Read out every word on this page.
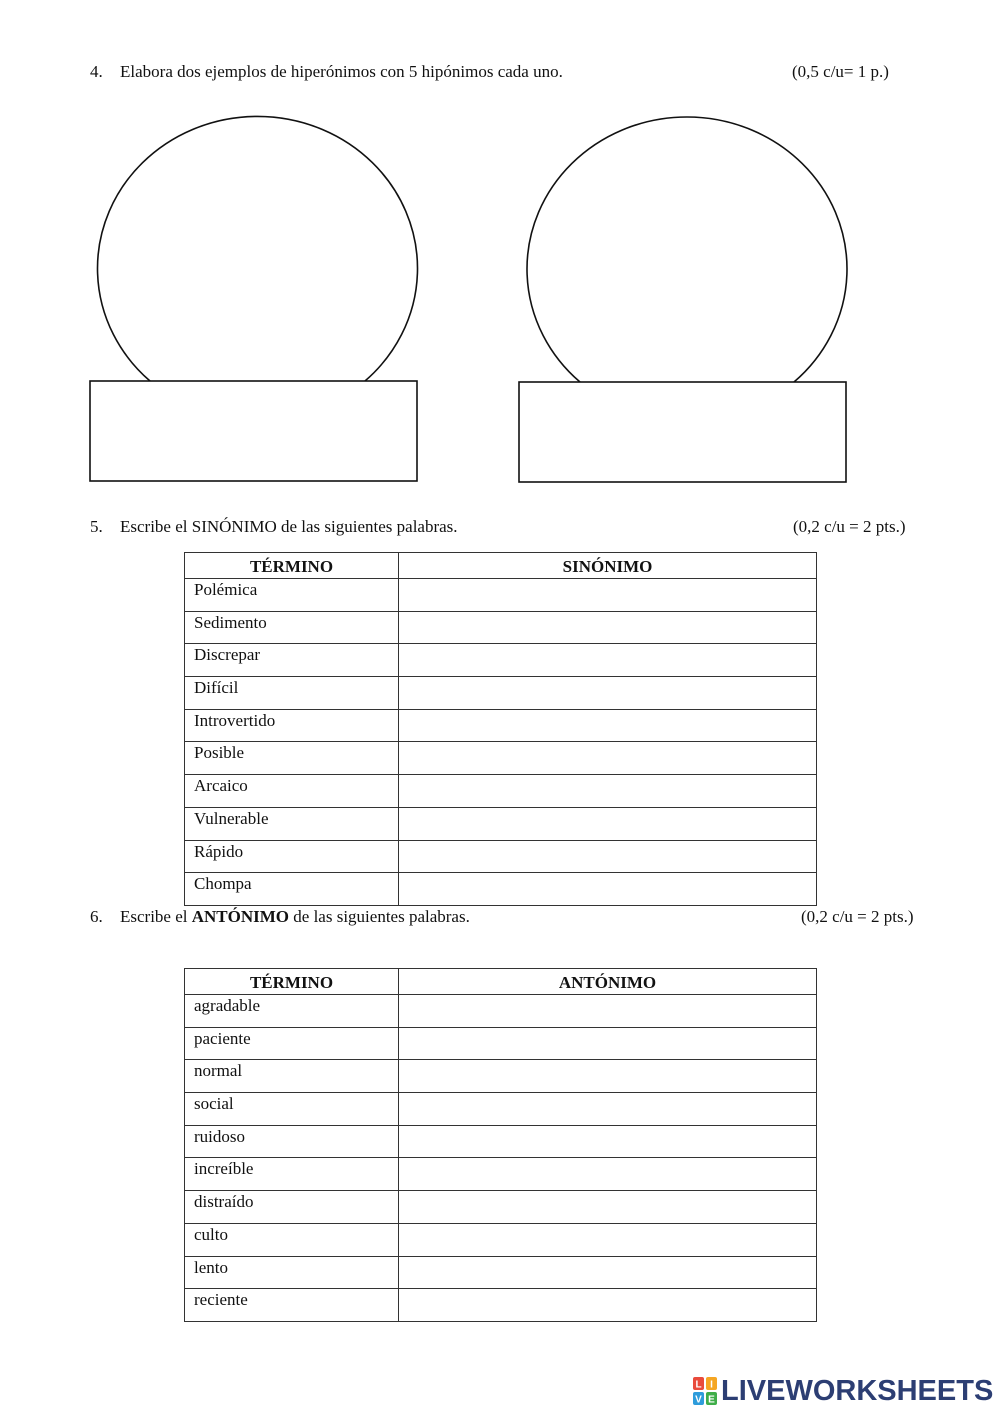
4. Elabora dos ejemplos de hiperónimos con 5 hipónimos cada uno.	(0,5 c/u= 1 p.)
5. Escribe el SINÓNIMO de las siguientes palabras.	(0,2 c/u = 2 pts.)
TÉRMINO	SINÓNIMO
Polémica	
Sedimento	
Discrepar	
Difícil	
Introvertido	
Posible	
Arcaico	
Vulnerable	
Rápido	
Chompa	
6. Escribe el ANTÓNIMO de las siguientes palabras.	(0,2 c/u = 2 pts.)
TÉRMINO	ANTÓNIMO
agradable	
paciente	
normal	
social	
ruidoso	
increíble	
distraído	
culto	
lento	
reciente	
L I
V E LIVEWORKSHEETS
